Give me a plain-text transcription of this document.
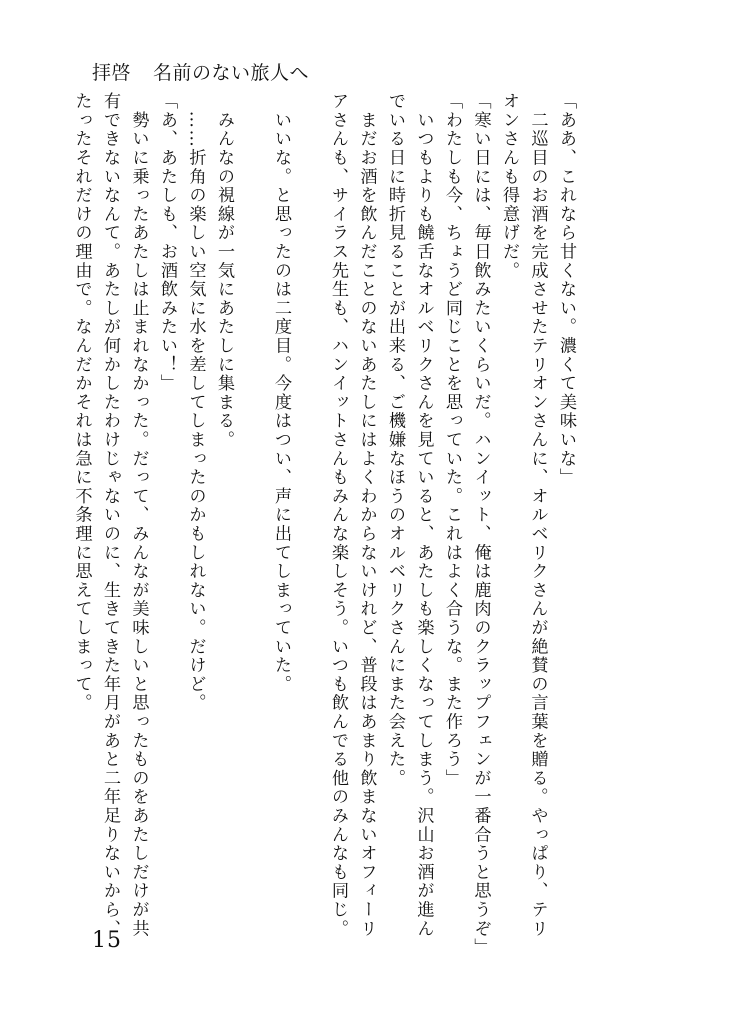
拝啓 名前のない旅人へ

「ああ、これなら甘くない。濃くて美味いな」

　二巡目のお酒を完成させたテリオンさんに、オルベリクさんが絶賛の言葉を贈る。やっぱり、テリ

オンさんも得意げだ。

「寒い日には、毎日飲みたいくらいだ。ハンイット、俺は鹿肉のクラップフェンが一番合うと思うぞ」

「わたしも今、ちょうど同じことを思っていた。これはよく合うな。また作ろう」

　いつもよりも饒舌なオルベリクさんを見ていると、あたしも楽しくなってしまう。沢山お酒が進ん

でいる日に時折見ることが出来る、ご機嫌なほうのオルベリクさんにまた会えた。

　まだお酒を飲んだことのないあたしにはよくわからないけれど、普段はあまり飲まないオフィーリ

アさんも、サイラス先生も、ハンイットさんもみんな楽しそう。いつも飲んでる他のみんなも同じ。

　いいな。と思ったのは二度目。今度はつい、声に出てしまっていた。

　みんなの視線が一気にあたしに集まる。

　……折角の楽しい空気に水を差してしまったのかもしれない。だけど。

「あ、あたしも、お酒飲みたい！」

　勢いに乗ったあたしは止まれなかった。だって、みんなが美味しいと思ったものをあたしだけが共

有できないなんて。あたしが何かしたわけじゃないのに、生きてきた年月があと二年足りないから、

たったそれだけの理由で。なんだかそれは急に不条理に思えてしまって。

15
